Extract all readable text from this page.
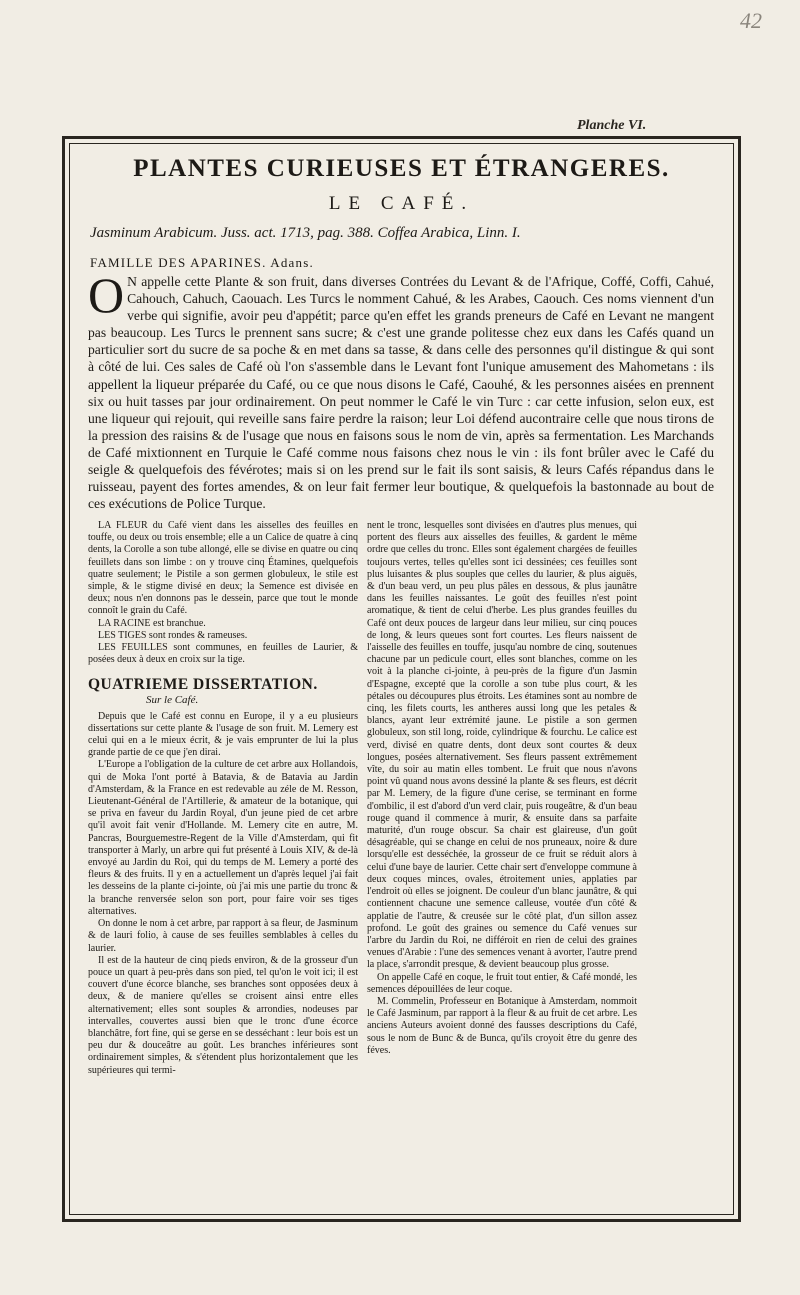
42
Planche VI.
PLANTES CURIEUSES ET ÉTRANGERES.
LE CAFÉ.
Jasminum Arabicum. Juss. act. 1713, pag. 388. Coffea Arabica, Linn. I.
FAMILLE DES APARINES. Adans.
O N appelle cette Plante & son fruit, dans diverses Contrées du Levant & de l'Afrique, Coffé, Coffi, Cahué, Cahouch, Cahuch, Caouach. Les Turcs le nomment Cahué, & les Arabes, Caouch. Ces noms viennent d'un verbe qui signifie, avoir peu d'appétit; parce qu'en effet les grands preneurs de Café en Levant ne mangent pas beaucoup. Les Turcs le prennent sans sucre; & c'est une grande politesse chez eux dans les Cafés quand un particulier sort du sucre de sa poche & en met dans sa tasse, & dans celle des personnes qu'il distingue & qui sont à côté de lui. Ces sales de Café où l'on s'assemble dans le Levant font l'unique amusement des Mahometans : ils appellent la liqueur préparée du Café, ou ce que nous disons le Café, Caouhé, & les personnes aisées en prennent six ou huit tasses par jour ordinairement. On peut nommer le Café le vin Turc : car cette infusion, selon eux, est une liqueur qui rejouit, qui reveille sans faire perdre la raison; leur Loi défend aucontraire celle que nous tirons de la pression des raisins & de l'usage que nous en faisons sous le nom de vin, après sa fermentation. Les Marchands de Café mixtionnent en Turquie le Café comme nous faisons chez nous le vin : ils font brûler avec le Café du seigle & quelquefois des févérotes; mais si on les prend sur le fait ils sont saisis, & leurs Cafés répandus dans le ruisseau, payent des fortes amendes, & on leur fait fermer leur boutique, & quelquefois la bastonnade au bout de ces exécutions de Police Turque.

LA FLEUR du Café vient dans les aisselles des feuilles en touffe, ou deux ou trois ensemble; elle a un Calice de quatre à cinq dents, la Corolle a son tube allongé, elle se divise en quatre ou cinq feuillets dans son limbe : on y trouve cinq Étamines, quelquefois quatre seulement; le Pistile a son germen globuleux, le stile est simple, & le stigme divisé en deux; la Semence est divisée en deux; nous n'en donnons pas le dessein, parce que tout le monde connoît le grain du Café.

LA RACINE est branchue.

LES TIGES sont rondes & rameuses.

LES FEUILLES sont communes, en feuilles de Laurier, & posées deux à deux en croix sur la tige.

QUATRIEME DISSERTATION.
Sur le Café.

Depuis que le Café est connu en Europe, il y a eu plusieurs dissertations sur cette plante & l'usage de son fruit. M. Lemery est celui qui en a le mieux écrit, & je vais emprunter de lui la plus grande partie de ce que j'en dirai.

L'Europe a l'obligation de la culture de cet arbre aux Hollandois, qui de Moka l'ont porté à Batavia, & de Batavia au Jardin d'Amsterdam, & la France en est redevable au zéle de M. Resson, Lieutenant-Général de l'Artillerie, & amateur de la botanique, qui se priva en faveur du Jardin Royal, d'un jeune pied de cet arbre qu'il avoit fait venir d'Hollande. M. Lemery cite en autre, M. Pancras, Bourguemestre-Regent de la Ville d'Amsterdam, qui fit transporter à Marly, un arbre qui fut présenté à Louis XIV, & de-là envoyé au Jardin du Roi, qui du temps de M. Lemery a porté des fleurs & des fruits. Il y en a actuellement un d'après lequel j'ai fait les desseins de la plante ci-jointe, où j'ai mis une partie du tronc & la branche renversée selon son port, pour faire voir ses tiges alternatives.

On donne le nom à cet arbre, par rapport à sa fleur, de Jasminum & de lauri folio, à cause de ses feuilles semblables à celles du laurier.

Il est de la hauteur de cinq pieds environ, & de la grosseur d'un pouce un quart à peu-près dans son pied, tel qu'on le voit ici; il est couvert d'une écorce blanche, ses branches sont opposées deux à deux, & de maniere qu'elles se croisent ainsi entre elles alternativement; elles sont souples & arrondies, nodeuses par intervalles, couvertes aussi bien que le tronc d'une écorce blanchâtre, fort fine, qui se gerse en se desséchant : leur bois est un peu dur & douceâtre au goût. Les branches inférieures sont ordinairement simples, & s'étendent plus horizontalement que les supérieures qui termi-

nent le tronc, lesquelles sont divisées en d'autres plus menues, qui portent des fleurs aux aisselles des feuilles, & gardent le même ordre que celles du tronc. Elles sont également chargées de feuilles toujours vertes, telles qu'elles sont ici dessinées; ces feuilles sont plus luisantes & plus souples que celles du laurier, & plus aiguës, & d'un beau verd, un peu plus pâles en dessous, & plus jaunâtre dans les feuilles naissantes. Le goût des feuilles n'est point aromatique, & tient de celui d'herbe. Les plus grandes feuilles du Café ont deux pouces de largeur dans leur milieu, sur cinq pouces de long, & leurs queues sont fort courtes. Les fleurs naissent de l'aisselle des feuilles en touffe, jusqu'au nombre de cinq, soutenues chacune par un pedicule court, elles sont blanches, comme on les voit à la planche ci-jointe, à peu-près de la figure d'un Jasmin d'Espagne, excepté que la corolle a son tube plus court, & les pétales ou découpures plus étroits. Les étamines sont au nombre de cinq, les filets courts, les antheres aussi long que les petales & blancs, ayant leur extrémité jaune. Le pistile a son germen globuleux, son stil long, roide, cylindrique & fourchu. Le calice est verd, divisé en quatre dents, dont deux sont courtes & deux longues, posées alternativement. Ses fleurs passent extrêmement vîte, du soir au matin elles tombent. Le fruit que nous n'avons point vû quand nous avons dessiné la plante & ses fleurs, est décrit par M. Lemery, de la figure d'une cerise, se terminant en forme d'ombilic, il est d'abord d'un verd clair, puis rougeâtre, & d'un beau rouge quand il commence à murir, & ensuite dans sa parfaite maturité, d'un rouge obscur. Sa chair est glaireuse, d'un goût désagréable, qui se change en celui de nos pruneaux, noire & dure lorsqu'elle est desséchée, la grosseur de ce fruit se réduit alors à celui d'une baye de laurier. Cette chair sert d'enveloppe commune à deux coques minces, ovales, étroitement unies, applaties par l'endroit où elles se joignent. De couleur d'un blanc jaunâtre, & qui contiennent chacune une semence calleuse, voutée d'un côté & applatie de l'autre, & creusée sur le côté plat, d'un sillon assez profond. Le goût des graines ou semence du Café venues sur l'arbre du Jardin du Roi, ne différoit en rien de celui des graines venues d'Arabie : l'une des semences venant à avorter, l'autre prend la place, s'arrondit presque, & devient beaucoup plus grosse.

On appelle Café en coque, le fruit tout entier, & Café mondé, les semences dépouillées de leur coque.

M. Commelin, Professeur en Botanique à Amsterdam, nommoit le Café Jasminum, par rapport à la fleur & au fruit de cet arbre. Les anciens Auteurs avoient donné des fausses descriptions du Café, sous le nom de Bunc & de Bunca, qu'ils croyoit être du genre des féves.
